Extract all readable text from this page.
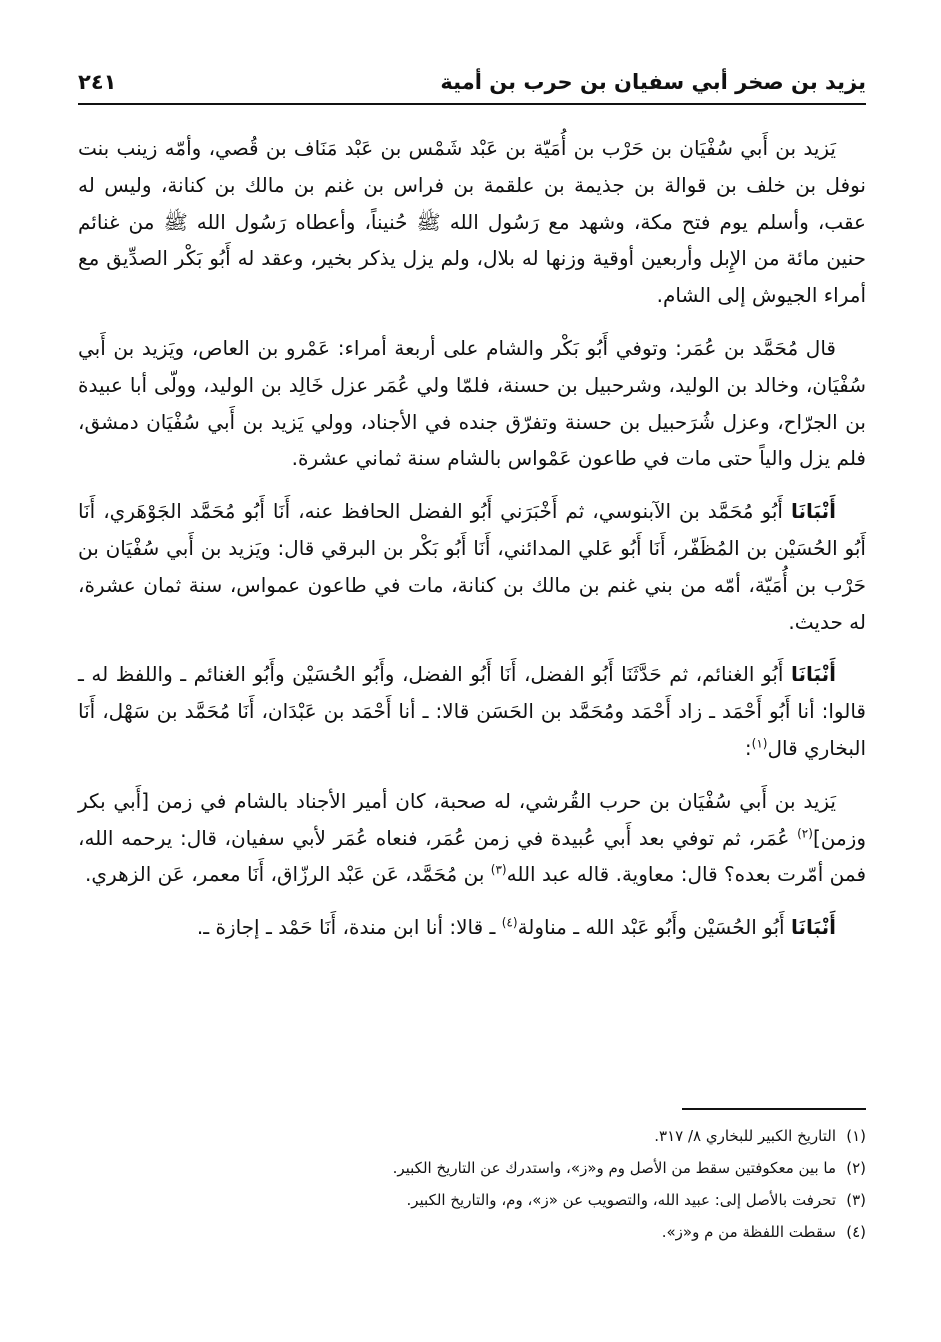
يزيد بن صخر أبي سفيان بن حرب بن أمية
٢٤١

يَزيد بن أَبي سُفْيَان بن حَرْب بن أُمَيّة بن عَبْد شَمْس بن عَبْد مَنَاف بن قُصي، وأمّه زينب بنت نوفل بن خلف بن قوالة بن جذيمة بن علقمة بن فراس بن غنم بن مالك بن كنانة، وليس له عقب، وأسلم يوم فتح مكة، وشهد مع رَسُول الله ﷺ حُنيناً، وأعطاه رَسُول الله ﷺ من غنائم حنين مائة من الإِبل وأربعين أوقية وزنها له بلال، ولم يزل يذكر بخير، وعقد له أَبُو بَكْر الصدِّيق مع أمراء الجيوش إلى الشام.

قال مُحَمَّد بن عُمَر: وتوفي أَبُو بَكْر والشام على أربعة أمراء: عَمْرو بن العاص، ويَزيد بن أَبي سُفْيَان، وخالد بن الوليد، وشرحبيل بن حسنة، فلمّا ولي عُمَر عزل خَالِد بن الوليد، وولّى أبا عبيدة بن الجرّاح، وعزل شُرَحبيل بن حسنة وتفرّق جنده في الأجناد، وولي يَزيد بن أَبي سُفْيَان دمشق، فلم يزل والياً حتى مات في طاعون عَمْواس بالشام سنة ثماني عشرة.

أَنْبَانَا أَبُو مُحَمَّد بن الآبنوسي، ثم أَخْبَرَني أَبُو الفضل الحافظ عنه، أَنَا أَبُو مُحَمَّد الجَوْهَري، أَنَا أَبُو الحُسَيْن بن المُظَفّر، أَنَا أَبُو عَلي المدائني، أَنَا أَبُو بَكْر بن البرقي قال: ويَزيد بن أَبي سُفْيَان بن حَرْب بن أُمَيّة، أمّه من بني غنم بن مالك بن كنانة، مات في طاعون عمواس، سنة ثمان عشرة، له حديث.

أَنْبَانَا أَبُو الغنائم، ثم حَدَّثَنَا أَبُو الفضل، أَنَا أَبُو الفضل، وأَبُو الحُسَيْن وأَبُو الغنائم ـ واللفظ له ـ قالوا: أنا أَبُو أَحْمَد ـ زاد أَحْمَد ومُحَمَّد بن الحَسَن قالا: ـ أنا أَحْمَد بن عَبْدَان، أَنَا مُحَمَّد بن سَهْل، أَنَا البخاري قال$^{(١)}$:

يَزيد بن أَبي سُفْيَان بن حرب القُرشي، له صحبة، كان أمير الأجناد بالشام في زمن [أَبي بكر وزمن]$^{(٢)}$ عُمَر، ثم توفي بعد أَبي عُبيدة في زمن عُمَر، فنعاه عُمَر لأبي سفيان، قال: يرحمه الله، فمن أمّرت بعده؟ قال: معاوية. قاله عبد الله$^{(٣)}$ بن مُحَمَّد، عَن عَبْد الرزّاق، أَنَا معمر، عَن الزهري.

أَنْبَانَا أَبُو الحُسَيْن وأَبُو عَبْد الله ـ مناولة$^{(٤)}$ ـ قالا: أنا ابن مندة، أَنَا حَمْد ـ إجازة ـ.

(١)التاريخ الكبير للبخاري ٨/ ٣١٧.

(٢)ما بين معكوفتين سقط من الأصل وم و«ز»، واستدرك عن التاريخ الكبير.

(٣)تحرفت بالأصل إلى: عبيد الله، والتصويب عن «ز»، وم، والتاريخ الكبير.

(٤)سقطت اللفظة من م و«ز».
